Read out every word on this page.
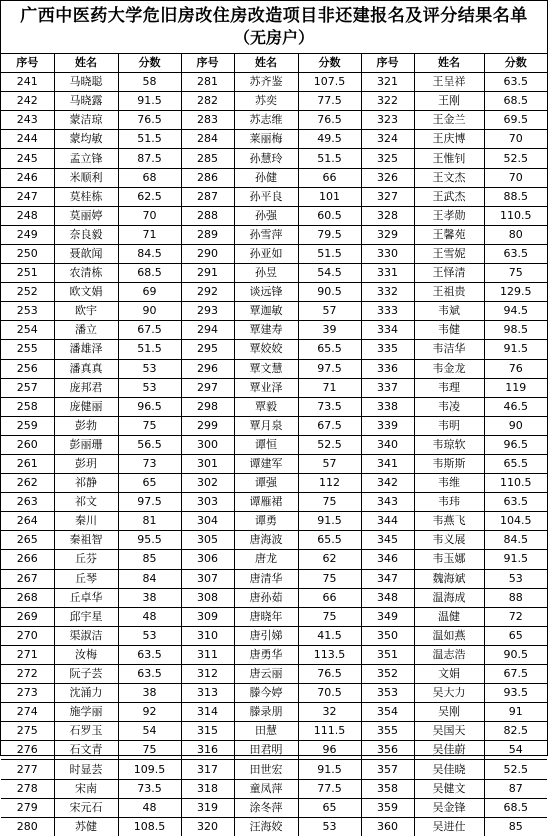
广西中医药大学危旧房改住房改造项目非还建报名及评分结果名单
（无房户）
序号	姓名	分数	序号	姓名	分数	序号	姓名	分数
241	马晓聪	58	281	苏齐鉴	107.5	321	王呈祥	63.5
242	马晓露	91.5	282	苏奕	77.5	322	王刚	68.5
243	蒙洁琼	76.5	283	苏志维	76.5	323	王金兰	69.5
244	蒙均敏	51.5	284	莱丽梅	49.5	324	王庆博	70
245	孟立锋	87.5	285	孙慧玲	51.5	325	王惟钊	52.5
246	米顺利	68	286	孙健	66	326	王文杰	70
247	莫桂栋	62.5	287	孙平良	101	327	王武杰	88.5
248	莫丽婷	70	288	孙强	60.5	328	王孝勋	110.5
249	奈良毅	71	289	孙雪萍	79.5	329	王馨苑	80
250	聂歆闻	84.5	290	孙亚如	51.5	330	王雪妮	63.5
251	农清栋	68.5	291	孙昱	54.5	331	王怿清	75
252	欧文娟	69	292	谈远锋	90.5	332	王祖贵	129.5
253	欧宇	90	293	覃迦敏	57	333	韦斌	94.5
254	潘立	67.5	294	覃建寿	39	334	韦健	98.5
255	潘雄泽	51.5	295	覃姣姣	65.5	335	韦洁华	91.5
256	潘真真	53	296	覃文慧	97.5	336	韦金龙	76
257	庞邦君	53	297	覃业泽	71	337	韦理	119
258	庞健丽	96.5	298	覃毅	73.5	338	韦凌	46.5
259	彭勃	75	299	覃月泉	67.5	339	韦明	90
260	彭丽珊	56.5	300	谭恒	52.5	340	韦琼软	96.5
261	彭玥	73	301	谭建军	57	341	韦斯斯	65.5
262	祁静	65	302	谭强	112	342	韦维	110.5
263	祁文	97.5	303	谭雁裙	75	343	韦玮	63.5
264	秦川	81	304	谭勇	91.5	344	韦燕飞	104.5
265	秦祖智	95.5	305	唐海波	65.5	345	韦义展	84.5
266	丘芬	85	306	唐龙	62	346	韦玉娜	91.5
267	丘琴	84	307	唐清华	75	347	魏海斌	53
268	丘卓华	38	308	唐孙茹	66	348	温海成	88
269	邱宇星	48	309	唐晓年	75	349	温健	72
270	渠淑洁	53	310	唐引娣	41.5	350	温如燕	65
271	汝梅	63.5	311	唐勇华	113.5	351	温志浩	90.5
272	阮子芸	63.5	312	唐云丽	76.5	352	文娟	67.5
273	沈涌力	38	313	滕今婷	70.5	353	吴大力	93.5
274	施学丽	92	314	滕录朋	32	354	吴刚	91
275	石罗玉	54	315	田慧	111.5	355	吴国天	82.5
276	石文青	75	316	田君明	96	356	吴佳蔚	54
277	时显芸	109.5	317	田世宏	91.5	357	吴佳晓	52.5
278	宋南	73.5	318	童凤萍	77.5	358	吴健文	87
279	宋元石	48	319	涂冬萍	65	359	吴金锋	68.5
280	苏健	108.5	320	汪海姣	53	360	吴进仕	85
